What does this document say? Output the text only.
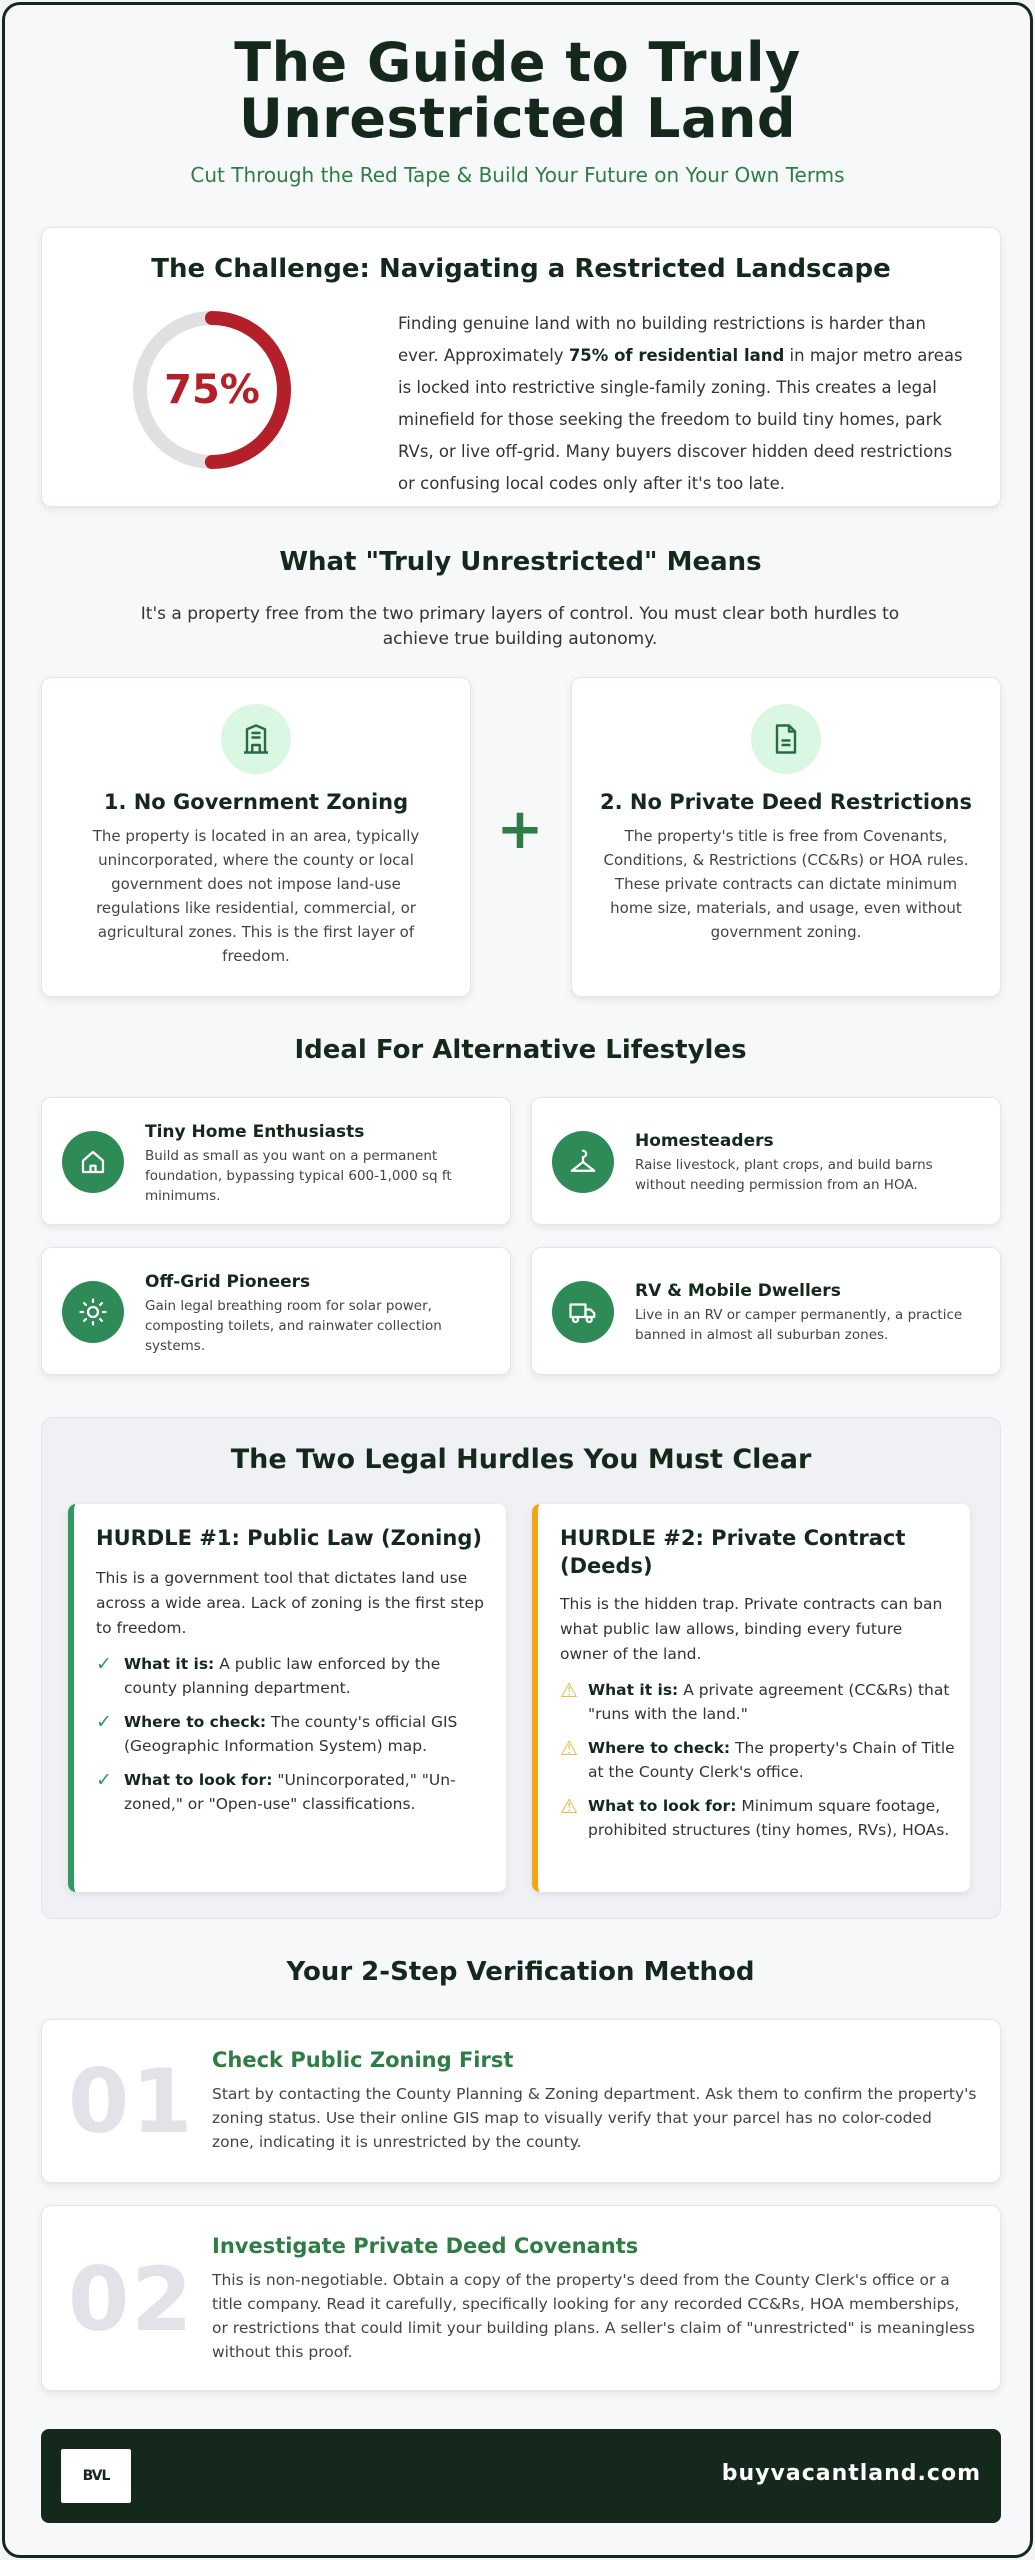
The Guide to Truly Unrestricted Land
Cut Through the Red Tape & Build Your Future on Your Own Terms
The Challenge: Navigating a Restricted Landscape
75%

Finding genuine land with no building restrictions is harder than ever. Approximately 75% of residential land in major metro areas is locked into restrictive single-family zoning. This creates a legal minefield for those seeking the freedom to build tiny homes, park RVs, or live off-grid. Many buyers discover hidden deed restrictions or confusing local codes only after it's too late.

What "Truly Unrestricted" Means
It's a property free from the two primary layers of control. You must clear both hurdles to achieve true building autonomy.
1. No Government Zoning

The property is located in an area, typically unincorporated, where the county or local government does not impose land-use regulations like residential, commercial, or agricultural zones. This is the first layer of freedom.

+	2. No Private Deed Restrictions

The property's title is free from Covenants, Conditions, & Restrictions (CC&Rs) or HOA rules. These private contracts can dictate minimum home size, materials, and usage, even without government zoning.

Ideal For Alternative Lifestyles
Tiny Home Enthusiasts

Build as small as you want on a permanent foundation, bypassing typical 600-1,000 sq ft minimums.

Homesteaders

Raise livestock, plant crops, and build barns without needing permission from an HOA.

Off-Grid Pioneers

Gain legal breathing room for solar power, composting toilets, and rainwater collection systems.

RV & Mobile Dwellers

Live in an RV or camper permanently, a practice banned in almost all suburban zones.

The Two Legal Hurdles You Must Clear
HURDLE #1: Public Law (Zoning)
This is a government tool that dictates land use across a wide area. Lack of zoning is the first step to freedom.
✓ What it is: A public law enforced by the county planning department.
✓ Where to check: The county's official GIS (Geographic Information System) map.
✓ What to look for: "Unincorporated," "Un-zoned," or "Open-use" classifications.
HURDLE #2: Private Contract (Deeds)
This is the hidden trap. Private contracts can ban what public law allows, binding every future owner of the land.
⚠ What it is: A private agreement (CC&Rs) that "runs with the land."
⚠ Where to check: The property's Chain of Title at the County Clerk's office.
⚠ What to look for: Minimum square footage, prohibited structures (tiny homes, RVs), HOAs.
Your 2-Step Verification Method
01 Check Public Zoning First

Start by contacting the County Planning & Zoning department. Ask them to confirm the property's zoning status. Use their online GIS map to visually verify that your parcel has no color-coded zone, indicating it is unrestricted by the county.

02
Investigate Private Deed Covenants

This is non-negotiable. Obtain a copy of the property's deed from the County Clerk's office or a title company. Read it carefully, specifically looking for any recorded CC&Rs, HOA memberships, or restrictions that could limit your building plans. A seller's claim of "unrestricted" is meaningless without this proof.

BVL	buyvacantland.com
